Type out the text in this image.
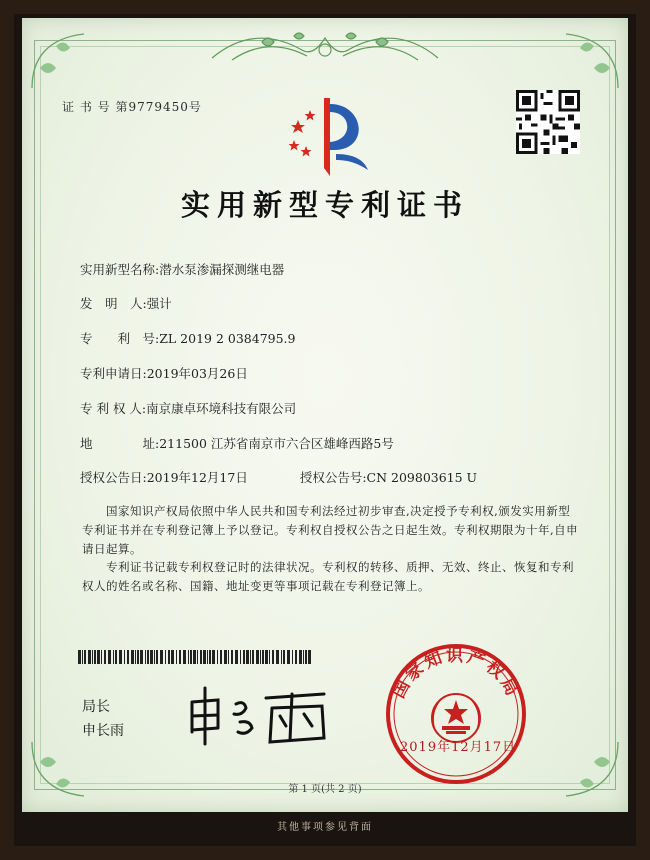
证 书 号 第9779450号
实用新型专利证书
实用新型名称:潜水泵渗漏探测继电器
发　明　人:强计
专　　利　号:ZL 2019 2 0384795.9
专利申请日:2019年03月26日
专 利 权 人:南京康卓环境科技有限公司
地　　　　址:211500 江苏省南京市六合区雄峰西路5号
授权公告日:2019年12月17日	授权公告号:CN 209803615 U
国家知识产权局依照中华人民共和国专利法经过初步审查,决定授予专利权,颁发实用新型专利证书并在专利登记簿上予以登记。专利权自授权公告之日起生效。专利权期限为十年,自申请日起算。
专利证书记载专利权登记时的法律状况。专利权的转移、质押、无效、终止、恢复和专利权人的姓名或名称、国籍、地址变更等事项记载在专利登记簿上。
局长
申长雨
国家知识产权局
2019年12月17日
第 1 页(共 2 页)
其他事项参见背面
